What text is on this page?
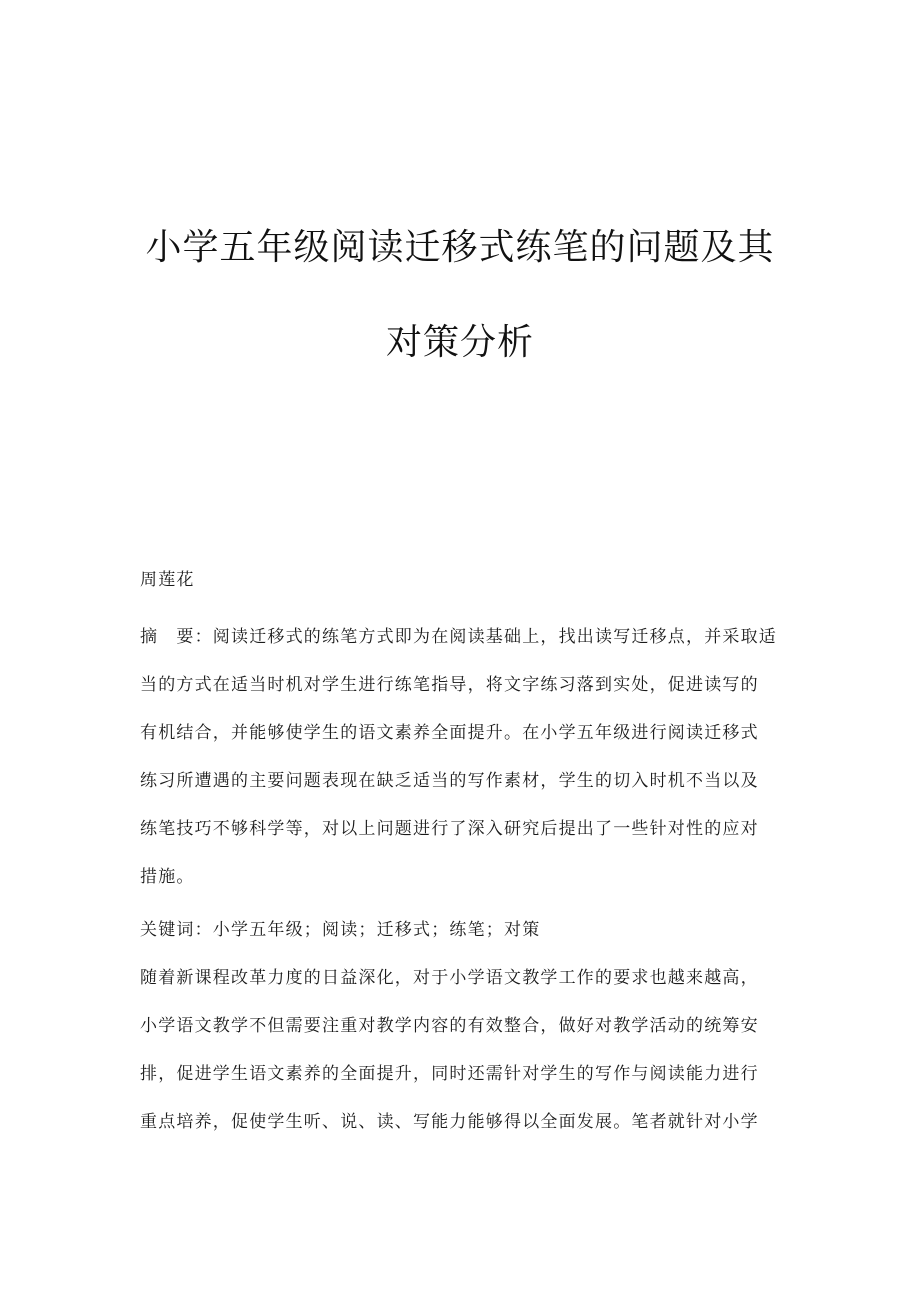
小学五年级阅读迁移式练笔的问题及其
对策分析
周莲花
摘　要：阅读迁移式的练笔方式即为在阅读基础上，找出读写迁移点，并采取适
当的方式在适当时机对学生进行练笔指导，将文字练习落到实处，促进读写的
有机结合，并能够使学生的语文素养全面提升。在小学五年级进行阅读迁移式
练习所遭遇的主要问题表现在缺乏适当的写作素材，学生的切入时机不当以及
练笔技巧不够科学等，对以上问题进行了深入研究后提出了一些针对性的应对
措施。
关键词：小学五年级；阅读；迁移式；练笔；对策
随着新课程改革力度的日益深化，对于小学语文教学工作的要求也越来越高，
小学语文教学不但需要注重对教学内容的有效整合，做好对教学活动的统筹安
排，促进学生语文素养的全面提升，同时还需针对学生的写作与阅读能力进行
重点培养，促使学生听、说、读、写能力能够得以全面发展。笔者就针对小学
